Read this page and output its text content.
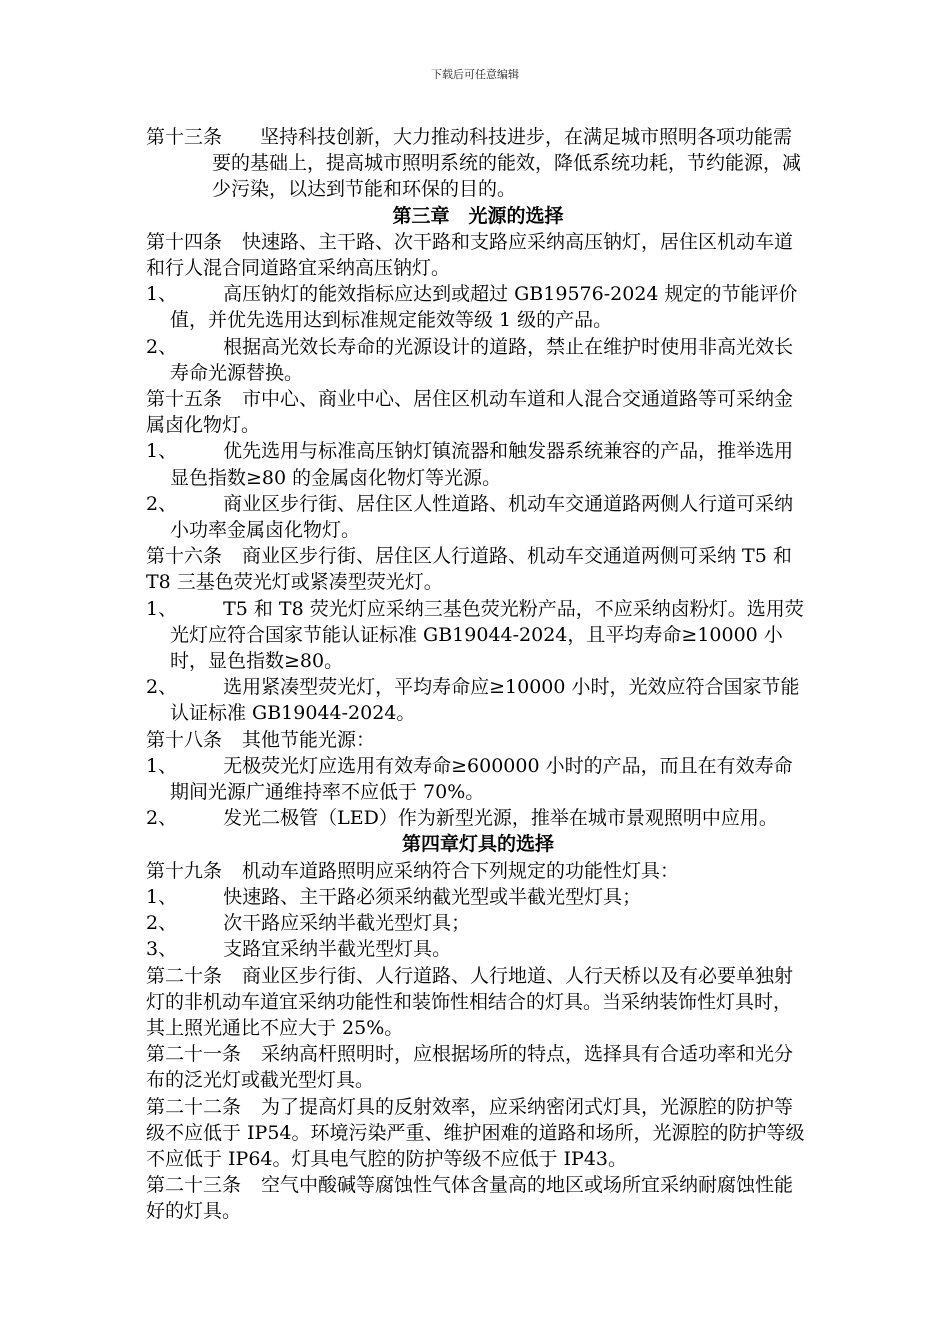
下载后可任意编辑

第十三条 坚持科技创新，大力推动科技进步，在满足城市照明各项功能需要的基础上，提高城市照明系统的能效，降低系统功耗，节约能源，减少污染，以达到节能和环保的目的。

第三章　光源的选择

第十四条 快速路、主干路、次干路和支路应采纳高压钠灯，居住区机动车道和行人混合同道路宜采纳高压钠灯。

1、 高压钠灯的能效指标应达到或超过 GB19576-2024 规定的节能评价值，并优先选用达到标准规定能效等级 1 级的产品。

2、 根据高光效长寿命的光源设计的道路，禁止在维护时使用非高光效长寿命光源替换。

第十五条 市中心、商业中心、居住区机动车道和人混合交通道路等可采纳金属卤化物灯。

1、 优先选用与标准高压钠灯镇流器和触发器系统兼容的产品，推举选用显色指数≥80 的金属卤化物灯等光源。

2、 商业区步行街、居住区人性道路、机动车交通道路两侧人行道可采纳小功率金属卤化物灯。

第十六条 商业区步行街、居住区人行道路、机动车交通道两侧可采纳 T5 和 T8 三基色荧光灯或紧凑型荧光灯。

1、 T5 和 T8 荧光灯应采纳三基色荧光粉产品，不应采纳卤粉灯。选用荧光灯应符合国家节能认证标准 GB19044-2024，且平均寿命≥10000 小时，显色指数≥80。

2、 选用紧凑型荧光灯，平均寿命应≥10000 小时，光效应符合国家节能认证标准 GB19044-2024。

第十八条 其他节能光源：

1、 无极荧光灯应选用有效寿命≥600000 小时的产品，而且在有效寿命期间光源广通维持率不应低于 70%。

2、 发光二极管（LED）作为新型光源，推举在城市景观照明中应用。

第四章灯具的选择

第十九条 机动车道路照明应采纳符合下列规定的功能性灯具：

1、 快速路、主干路必须采纳截光型或半截光型灯具；

2、 次干路应采纳半截光型灯具；

3、 支路宜采纳半截光型灯具。

第二十条 商业区步行街、人行道路、人行地道、人行天桥以及有必要单独射灯的非机动车道宜采纳功能性和装饰性相结合的灯具。当采纳装饰性灯具时，其上照光通比不应大于 25%。

第二十一条 采纳高杆照明时，应根据场所的特点，选择具有合适功率和光分布的泛光灯或截光型灯具。

第二十二条 为了提高灯具的反射效率，应采纳密闭式灯具，光源腔的防护等级不应低于 IP54。环境污染严重、维护困难的道路和场所，光源腔的防护等级不应低于 IP64。灯具电气腔的防护等级不应低于 IP43。

第二十三条 空气中酸碱等腐蚀性气体含量高的地区或场所宜采纳耐腐蚀性能好的灯具。
